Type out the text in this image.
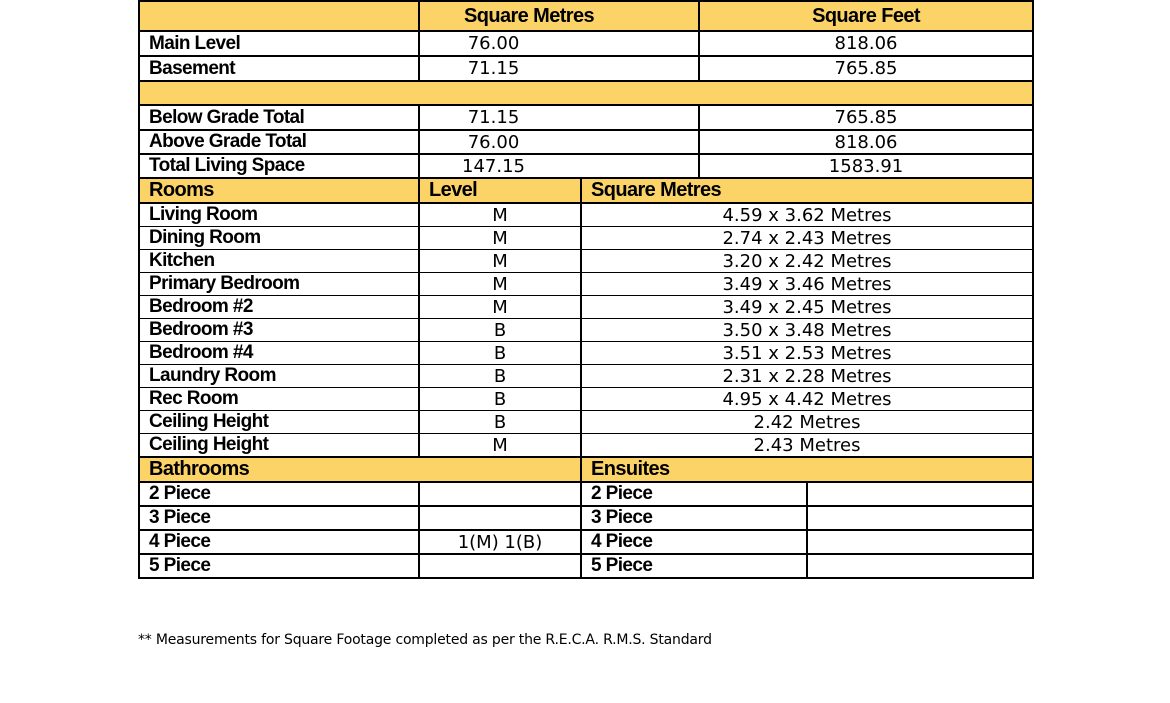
	Square Metres		Square Feet	
Main Level	76.00		818.06	
Basement	71.15		765.85	

Below Grade Total	71.15		765.85	
Above Grade Total	76.00		818.06	
Total Living Space	147.15		1583.91	
Rooms	Level	Square Metres		
Living Room	M	4.59 x 3.62 Metres		
Dining Room	M	2.74 x 2.43 Metres		
Kitchen	M	3.20 x 2.42 Metres		
Primary Bedroom	M	3.49 x 3.46 Metres		
Bedroom #2	M	3.49 x 2.45 Metres		
Bedroom #3	B	3.50 x 3.48 Metres		
Bedroom #4	B	3.51 x 2.53 Metres		
Laundry Room	B	2.31 x 2.28 Metres		
Rec Room	B	4.95 x 4.42 Metres		
Ceiling Height	B	2.42 Metres		
Ceiling Height	M	2.43 Metres		
Bathrooms		Ensuites		
2 Piece		2 Piece		
3 Piece		3 Piece		
4 Piece	1(M) 1(B)	4 Piece		
5 Piece		5 Piece		
** Measurements for Square Footage completed as per the R.E.C.A. R.M.S. Standard
